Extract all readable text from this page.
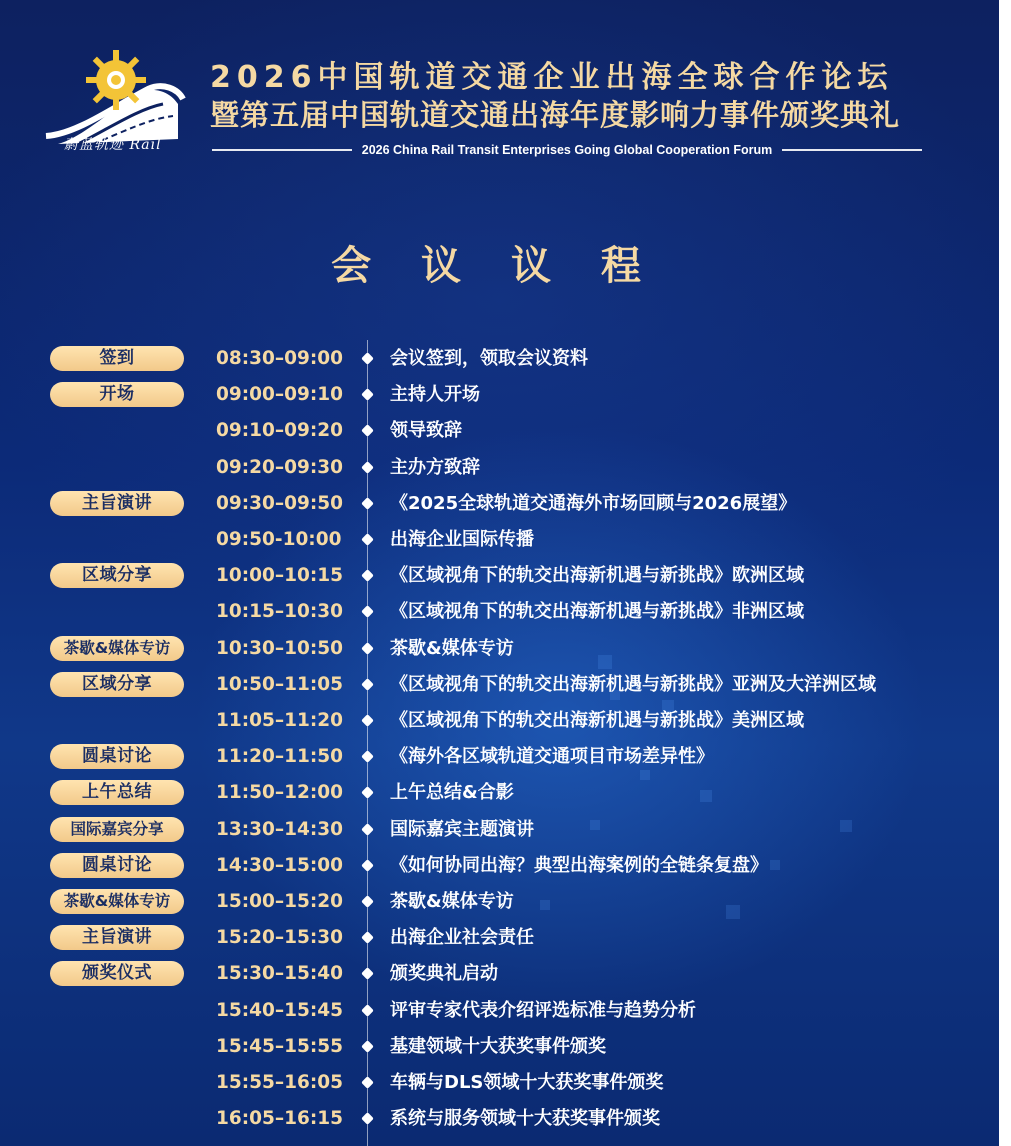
蔚蓝轨迹 Rail
2026中国轨道交通企业出海全球合作论坛
暨第五届中国轨道交通出海年度影响力事件颁奖典礼
2026 China Rail Transit Enterprises Going Global Cooperation Forum
会 议 议 程
签到	08:30–09:00	会议签到，领取会议资料
开场	09:00–09:10	主持人开场
09:10–09:20	领导致辞
09:20–09:30	主办方致辞
主旨演讲	09:30–09:50	《2025全球轨道交通海外市场回顾与2026展望》
09:50-10:00	出海企业国际传播
区域分享	10:00–10:15	《区域视角下的轨交出海新机遇与新挑战》欧洲区域
10:15–10:30	《区域视角下的轨交出海新机遇与新挑战》非洲区域
茶歇&媒体专访	10:30–10:50	茶歇&媒体专访
区域分享	10:50–11:05	《区域视角下的轨交出海新机遇与新挑战》亚洲及大洋洲区域
11:05–11:20	《区域视角下的轨交出海新机遇与新挑战》美洲区域
圆桌讨论	11:20–11:50	《海外各区域轨道交通项目市场差异性》
上午总结	11:50–12:00	上午总结&合影
国际嘉宾分享	13:30–14:30	国际嘉宾主题演讲
圆桌讨论	14:30–15:00	《如何协同出海？典型出海案例的全链条复盘》
茶歇&媒体专访	15:00–15:20	茶歇&媒体专访
主旨演讲	15:20–15:30	出海企业社会责任
颁奖仪式	15:30–15:40	颁奖典礼启动
15:40–15:45	评审专家代表介绍评选标准与趋势分析
15:45–15:55	基建领域十大获奖事件颁奖
15:55–16:05	车辆与DLS领域十大获奖事件颁奖
16:05–16:15	系统与服务领域十大获奖事件颁奖
